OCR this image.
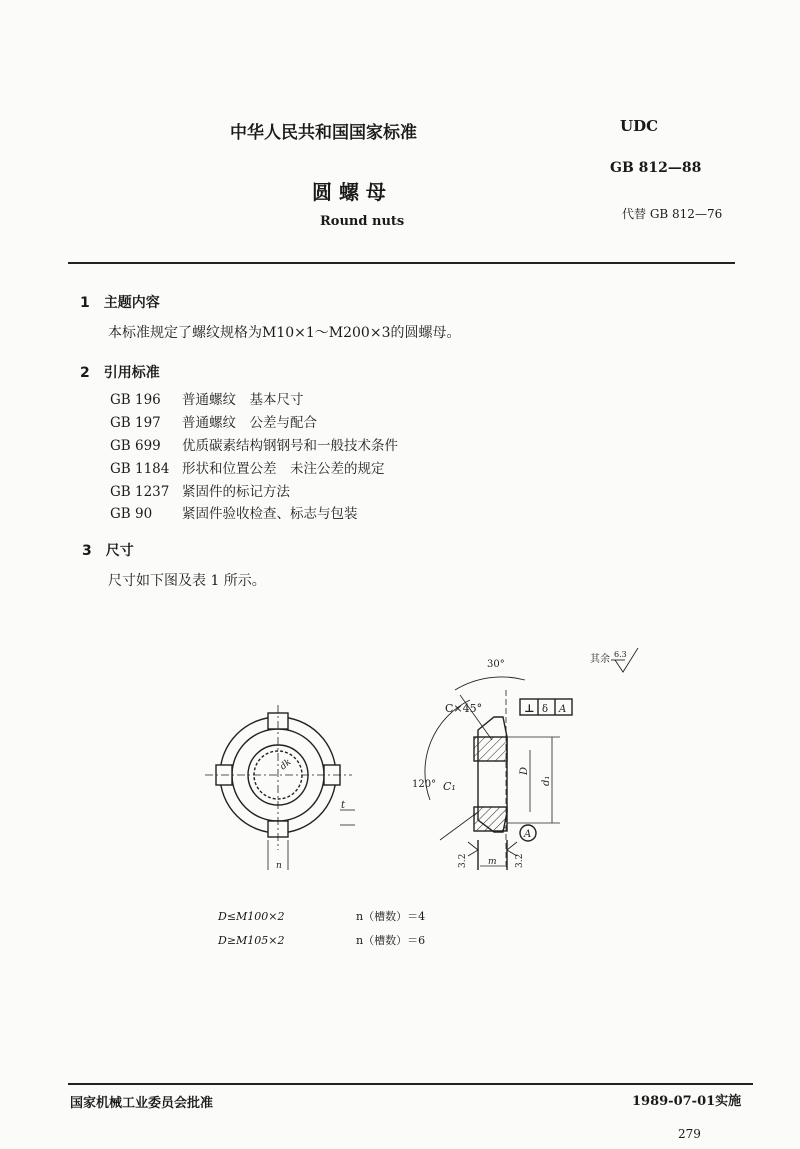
中华人民共和国国家标准	UDC
GB 812—88
圆 螺 母
Round nuts	代替 GB 812—76
1　 主题内容
本标准规定了螺纹规格为M10×1～M200×3的圆螺母。
2　 引用标准
GB 196 普通螺纹　基本尺寸
GB 197 普通螺纹　公差与配合
GB 699 优质碳素结构钢钢号和一般技术条件
GB 1184 形状和位置公差　未注公差的规定
GB 1237 紧固件的标记方法
GB 90 紧固件验收检查、标志与包装
3　 尺寸
尺寸如下图及表 1 所示。
dk
t
n
30°
C×45°
120° C₁
D
d₁
m
3.2	3.2
A
⊥ δ A
其余 6.3
D≤M100×2	n（槽数）＝4
D≥M105×2	n（槽数）＝6
国家机械工业委员会批准	1989-07-01实施
279
